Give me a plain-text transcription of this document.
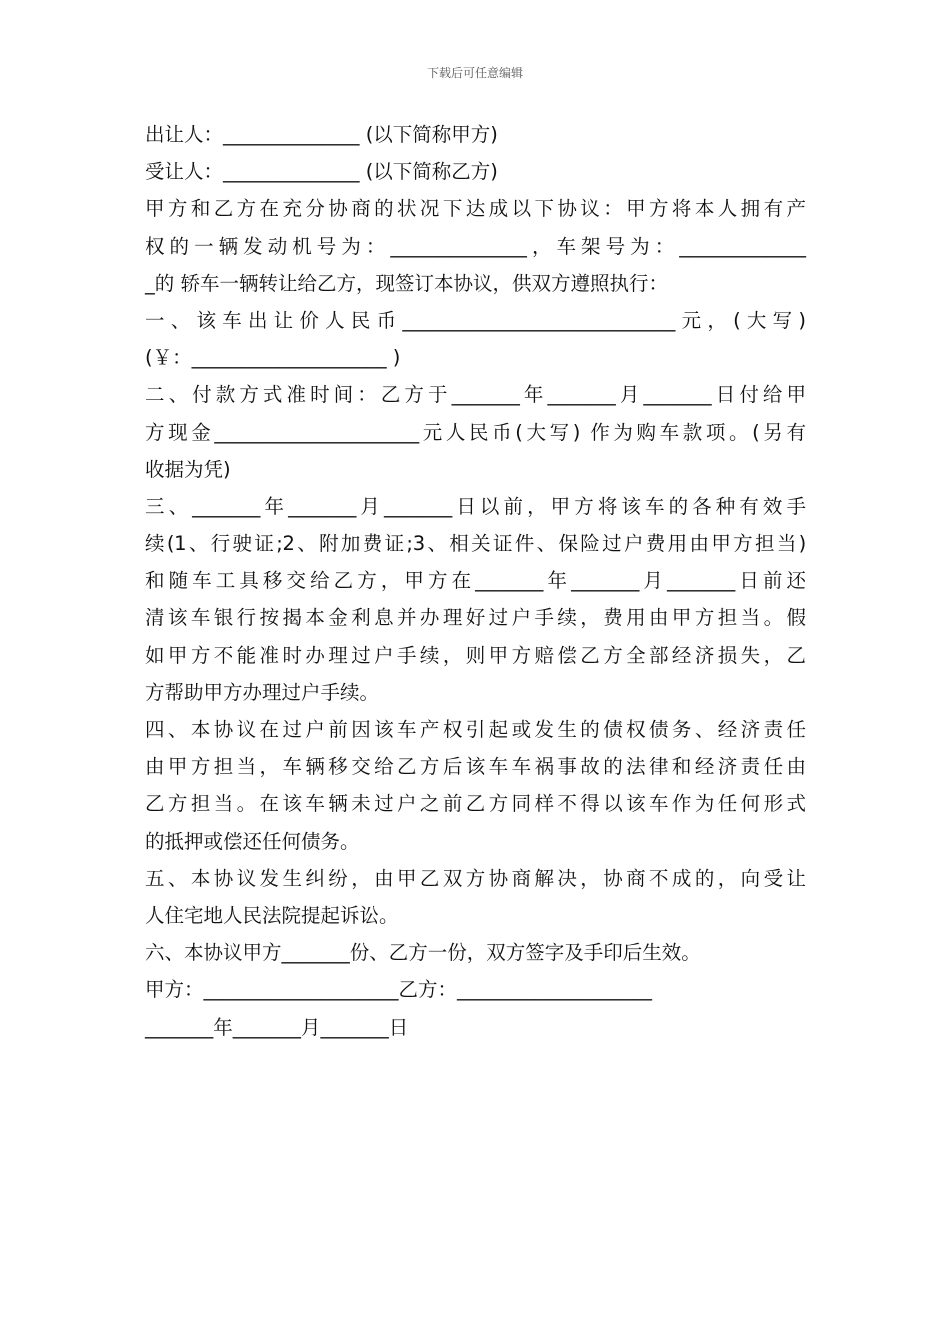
下载后可任意编辑
出让人：______________ (以下简称甲方)
受让人：______________ (以下简称乙方)
甲方和乙方在充分协商的状况下达成以下协议：甲方将本人拥有产
权的一辆发动机号为：______________，车架号为：_____________
_的 轿车一辆转让给乙方，现签订本协议，供双方遵照执行：
一、该车出让价人民币____________________________元，(大写)
(￥：____________________ )
二、付款方式准时间：乙方于_______年_______月_______日付给甲
方现金_____________________元人民币(大写) 作为购车款项。(另有
收据为凭)
三、_______年_______月_______日以前，甲方将该车的各种有效手
续(1、行驶证;2、附加费证;3、相关证件、保险过户费用由甲方担当)
和随车工具移交给乙方，甲方在_______年_______月_______日前还
清该车银行按揭本金利息并办理好过户手续，费用由甲方担当。假
如甲方不能准时办理过户手续，则甲方赔偿乙方全部经济损失，乙
方帮助甲方办理过户手续。
四、本协议在过户前因该车产权引起或发生的债权债务、经济责任
由甲方担当，车辆移交给乙方后该车车祸事故的法律和经济责任由
乙方担当。在该车辆未过户之前乙方同样不得以该车作为任何形式
的抵押或偿还任何债务。
五、本协议发生纠纷，由甲乙双方协商解决，协商不成的，向受让
人住宅地人民法院提起诉讼。
六、本协议甲方_______份、乙方一份，双方签字及手印后生效。
甲方：____________________乙方：____________________
_______年_______月_______日
